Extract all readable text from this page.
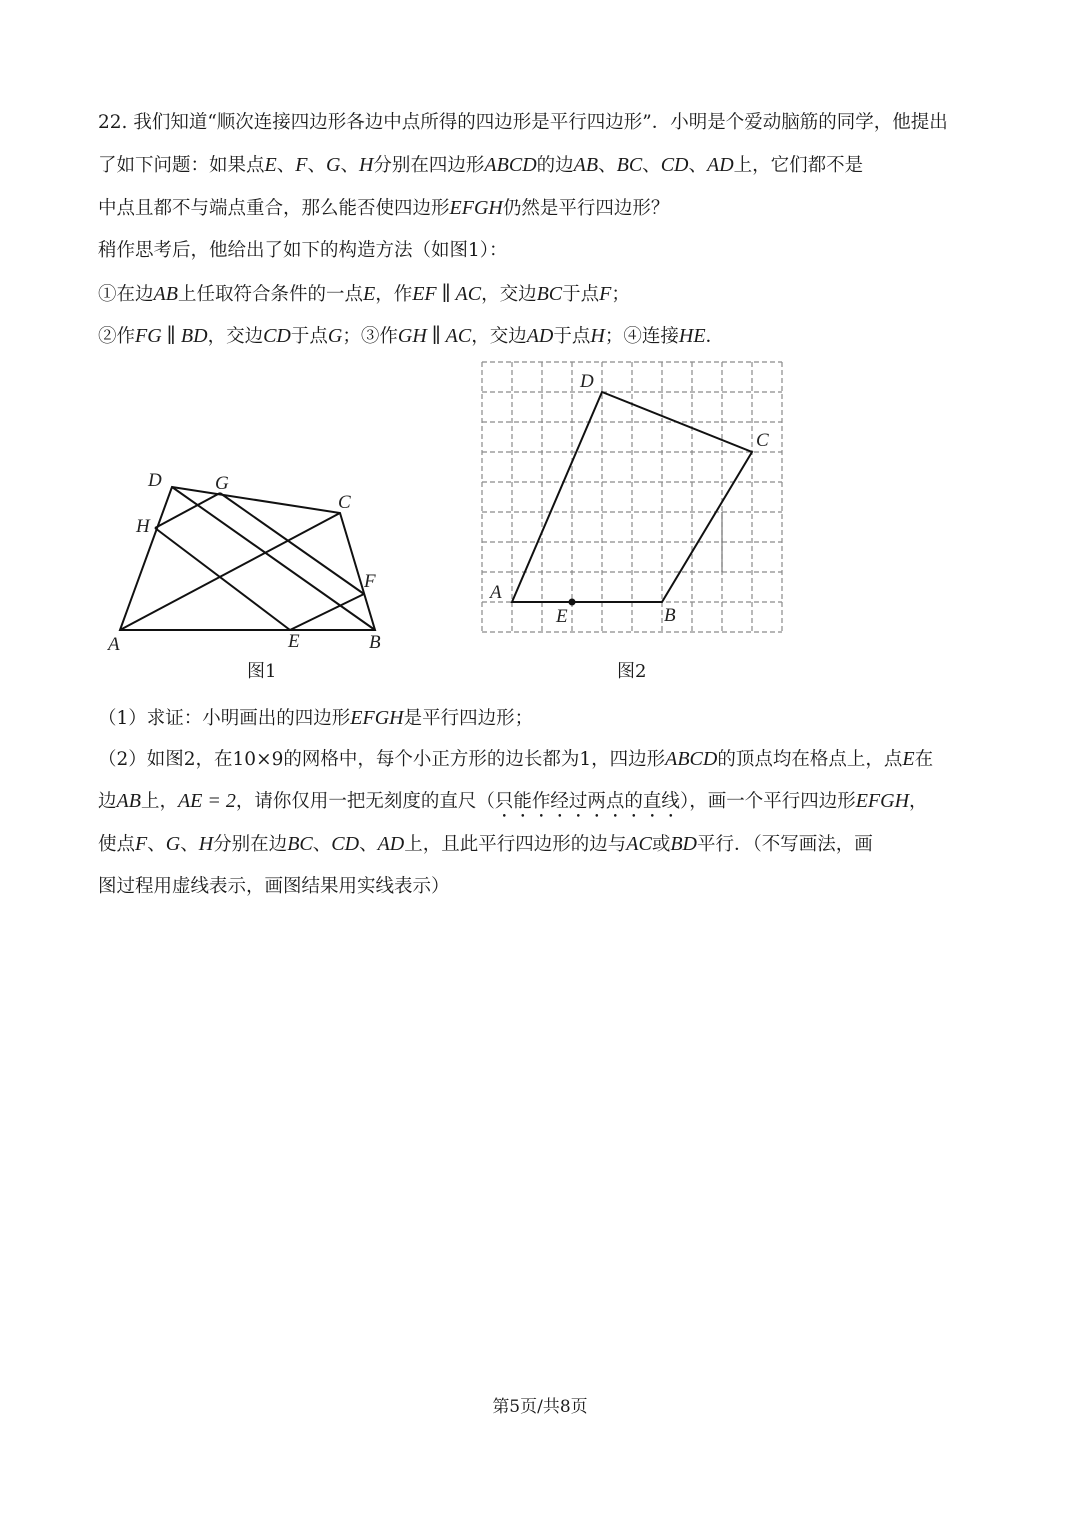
22. 我们知道“顺次连接四边形各边中点所得的四边形是平行四边形”．小明是个爱动脑筋的同学，他提出
了如下问题：如果点E、F、G、H分别在四边形ABCD的边AB、BC、CD、AD上，它们都不是
中点且都不与端点重合，那么能否使四边形EFGH仍然是平行四边形？
稍作思考后，他给出了如下的构造方法（如图1）：
①在边AB上任取符合条件的一点E，作EF ∥ AC，交边BC于点F；
②作FG ∥ BD，交边CD于点G；③作GH ∥ AC，交边AD于点H；④连接HE．
A	B
C
D
E
F
G
H
图1
A
B
C
D
E
图2
（1）求证：小明画出的四边形EFGH是平行四边形；
（2）如图2，在10×9的网格中，每个小正方形的边长都为1，四边形ABCD的顶点均在格点上，点E在
边AB上，AE = 2，请你仅用一把无刻度的直尺（只能作经过两点的直线），画一个平行四边形EFGH，
使点F、G、H分别在边BC、CD、AD上，且此平行四边形的边与AC或BD平行．（不写画法，画
图过程用虚线表示，画图结果用实线表示）
第5页/共8页
